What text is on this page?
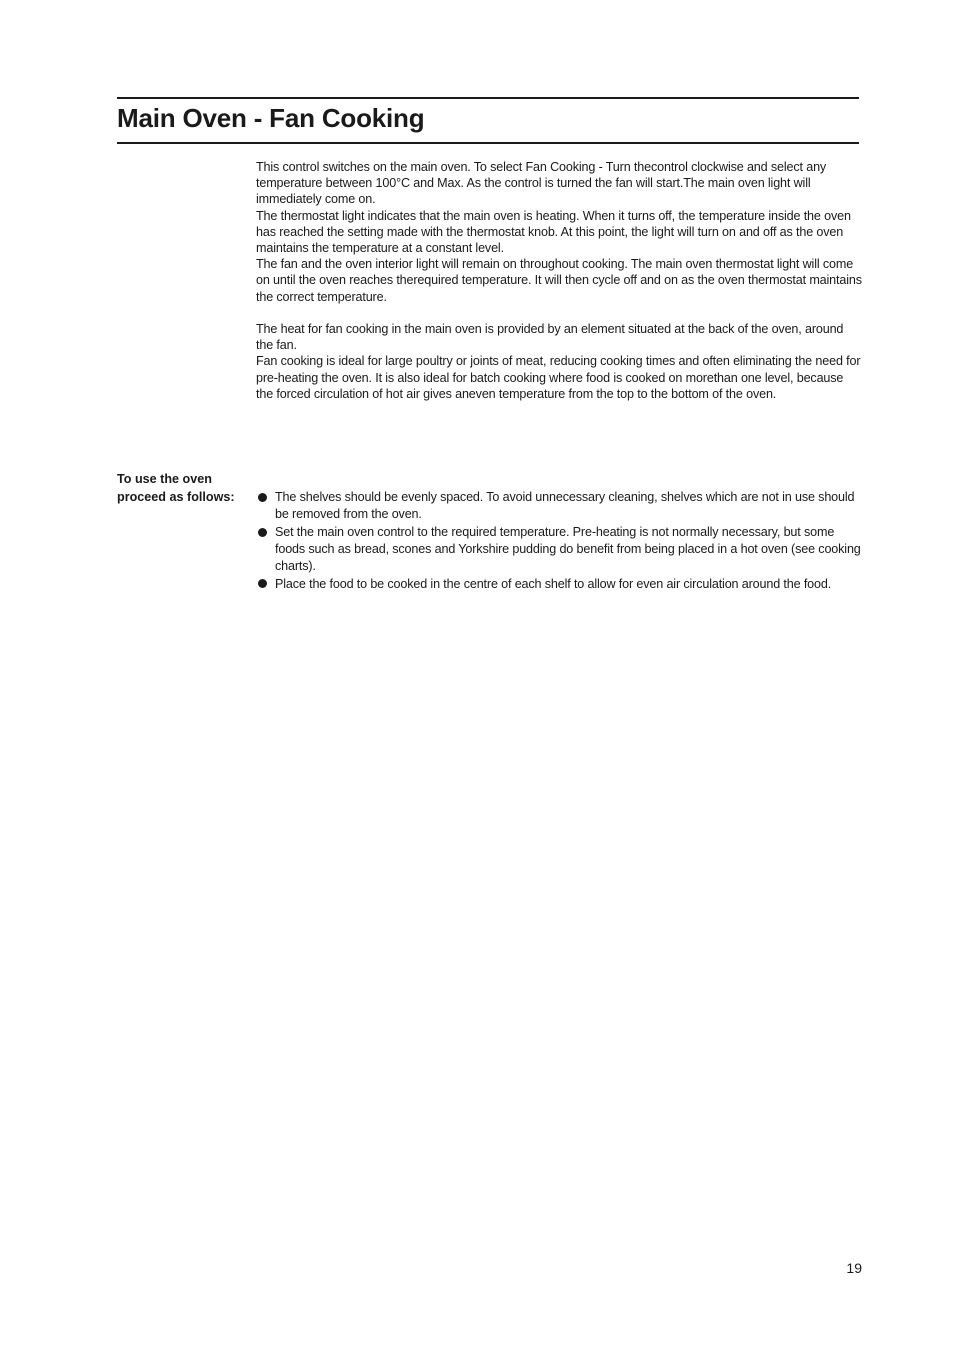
Main Oven - Fan Cooking

This control switches on the main oven. To select Fan Cooking - Turn thecontrol clockwise and select any temperature between 100°C and Max. As the control is turned the fan will start.The main oven light will immediately come on.

The thermostat light indicates that the main oven is heating. When it turns off, the temperature inside the oven has reached the setting made with the thermostat knob. At this point, the light will turn on and off as the oven maintains the temperature at a constant level.

The fan and the oven interior light will remain on throughout cooking. The main oven thermostat light will come on until the oven reaches therequired temperature. It will then cycle off and on as the oven thermostat maintains the correct temperature.

The heat for fan cooking in the main oven is provided by an element situated at the back of the oven, around the fan.

Fan cooking is ideal for large poultry or joints of meat, reducing cooking times and often eliminating the need for pre-heating the oven. It is also ideal for batch cooking where food is cooked on morethan one level, because the forced circulation of hot air gives aneven temperature from the top to the bottom of the oven.

To use the oven
proceed as follows:	The shelves should be evenly spaced. To avoid unnecessary cleaning, shelves which are not in use should be removed from the oven.
Set the main oven control to the required temperature. Pre-heating is not normally necessary, but some foods such as bread, scones and Yorkshire pudding do benefit from being placed in a hot oven (see cooking charts).
Place the food to be cooked in the centre of each shelf to allow for even air circulation around the food.
19
